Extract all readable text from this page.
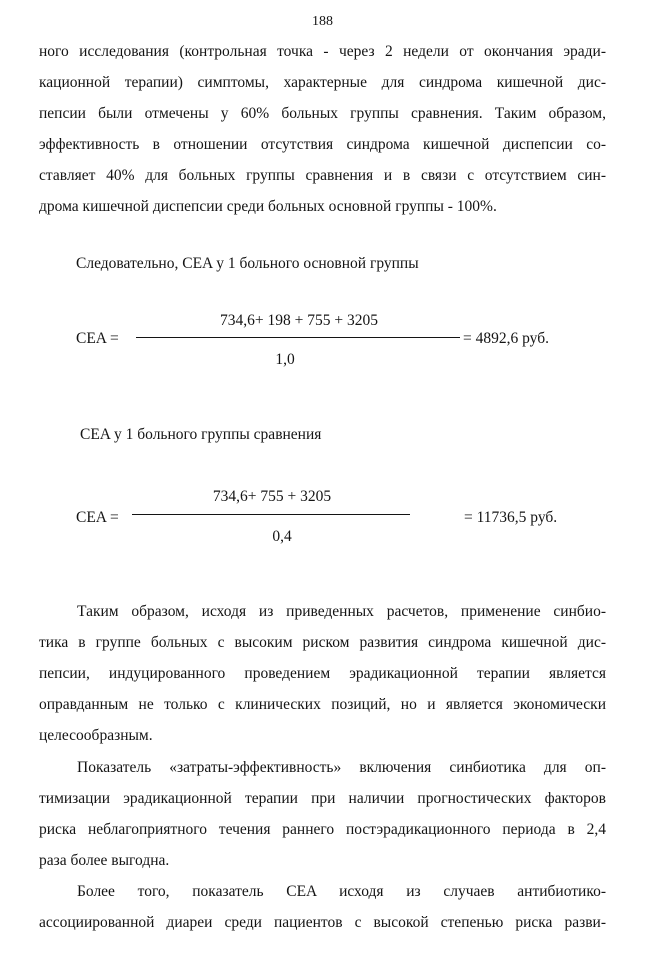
188
ного исследования (контрольная точка - через 2 недели от окончания эради-
кационной терапии) симптомы, характерные для синдрома кишечной дис-
пепсии были отмечены у 60% больных группы сравнения. Таким образом,
эффективность в отношении отсутствия синдрома кишечной диспепсии со-
ставляет 40% для больных группы сравнения и в связи с отсутствием син-
дрома кишечной диспепсии среди больных основной группы - 100%.
Следовательно, CEA у 1 больного основной группы
CEA =
734,6+ 198 + 755 + 3205
1,0
= 4892,6 руб.
CEA у 1 больного группы сравнения
CEA =
734,6+ 755 + 3205
0,4
= 11736,5 руб.
Таким образом, исходя из приведенных расчетов, применение синбио-
тика в группе больных с высоким риском развития синдрома кишечной дис-
пепсии, индуцированного проведением эрадикационной терапии является
оправданным не только с клинических позиций, но и является экономически
целесообразным.
Показатель «затраты-эффективность» включения синбиотика для оп-
тимизации эрадикационной терапии при наличии прогностических факторов
риска неблагоприятного течения раннего постэрадикационного периода в 2,4
раза более выгодна.
Более того, показатель CEA исходя из случаев антибиотико-
ассоциированной диареи среди пациентов с высокой степенью риска разви-
